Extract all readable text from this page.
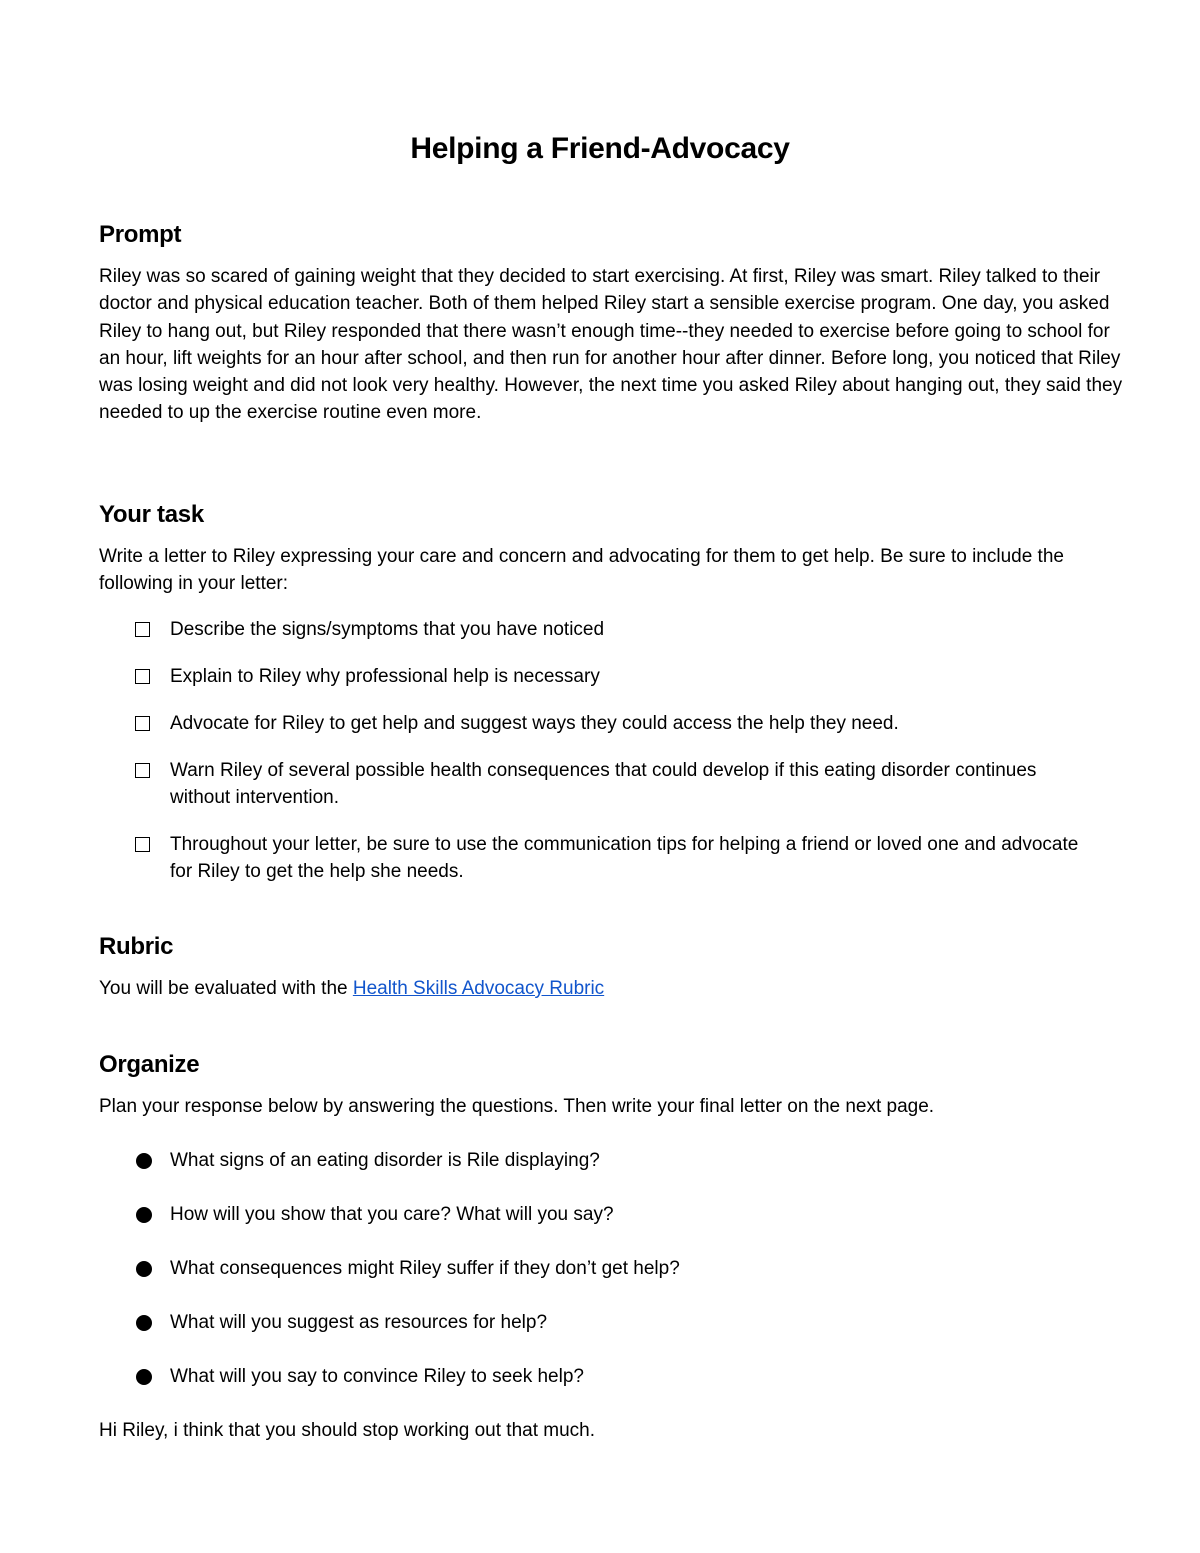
Helping a Friend-Advocacy
Prompt

Riley was so scared of gaining weight that they decided to start exercising. At first, Riley was smart. Riley talked to their doctor and physical education teacher. Both of them helped Riley start a sensible exercise program. One day, you asked Riley to hang out, but Riley responded that there wasn’t enough time--they needed to exercise before going to school for an hour, lift weights for an hour after school, and then run for another hour after dinner. Before long, you noticed that Riley was losing weight and did not look very healthy. However, the next time you asked Riley about hanging out, they said they needed to up the exercise routine even more.

Your task

Write a letter to Riley expressing your care and concern and advocating for them to get help. Be sure to include the following in your letter:

Describe the signs/symptoms that you have noticed
Explain to Riley why professional help is necessary
Advocate for Riley to get help and suggest ways they could access the help they need.
Warn Riley of several possible health consequences that could develop if this eating disorder continues without intervention.
Throughout your letter, be sure to use the communication tips for helping a friend or loved one and advocate for Riley to get the help she needs.
Rubric

You will be evaluated with the Health Skills Advocacy Rubric

Organize

Plan your response below by answering the questions. Then write your final letter on the next page.

What signs of an eating disorder is Rile displaying?
How will you show that you care? What will you say?
What consequences might Riley suffer if they don’t get help?
What will you suggest as resources for help?
What will you say to convince Riley to seek help?
Hi Riley, i think that you should stop working out that much.
